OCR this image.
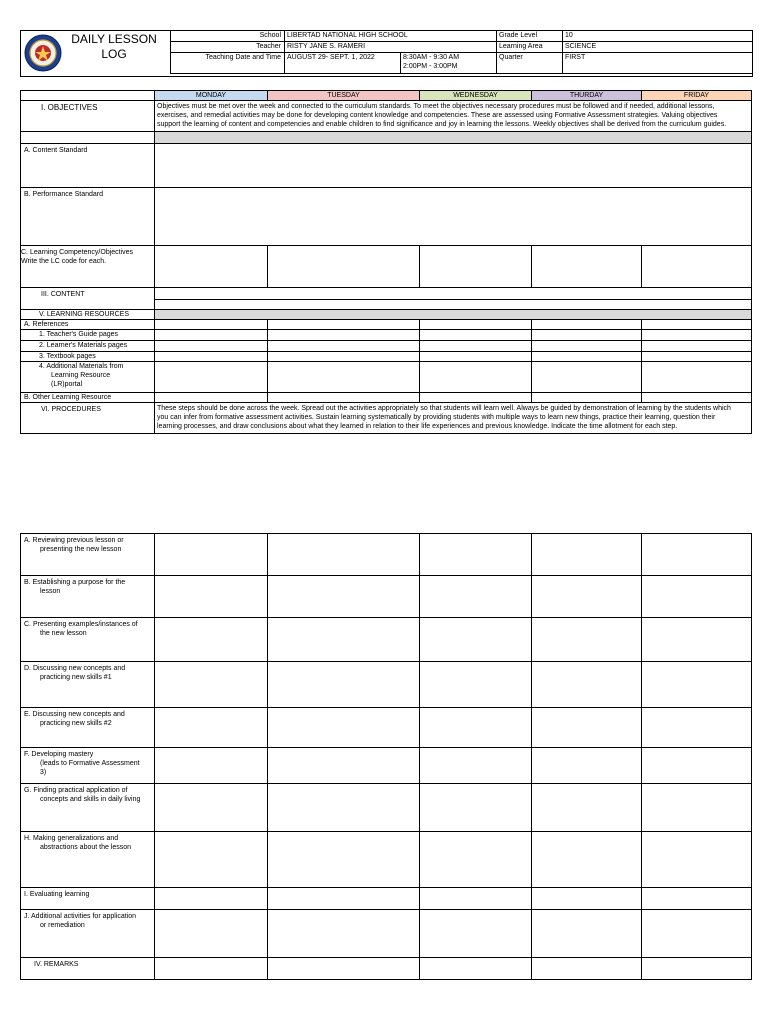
DAILY LESSON
LOG
School	LIBERTAD NATIONAL HIGH SCHOOL		Grade Level	10
Teacher	RISTY JANE S. RAMERI		Learning Area	SCIENCE
Teaching Date and Time	AUGUST 29- SEPT. 1, 2022	8:30AM - 9:30 AM
2:00PM - 3:00PM	Quarter	FIRST
	MONDAY	TUESDAY	WEDNESDAY	THURDAY	FRIDAY
I. OBJECTIVES	Objectives must be met over the week and connected to the curriculum standards. To meet the objectives necessary procedures must be followed and if needed, additional lessons,
exercises, and remedial activities may be done for developing content knowledge and competencies. These are assessed using Formative Assessment strategies. Valuing objectives
support the learning of content and competencies and enable children to find significance and joy in learning the lessons. Weekly objectives shall be derived from the curriculum guides.				

A. Content Standard					
B. Performance Standard					

C. Learning Competency/Objectives
Write the LC code for each.					

III. CONTENT					

V. LEARNING RESOURCES					
A. References					
1. Teacher's Guide pages					
2. Learner's Materials pages					
3. Textbook pages					

4. Additional Materials from
Learning Resource
(LR)portal					

B. Other Learning Resource					
VI. PROCEDURES	These steps should be done across the week. Spread out the activities appropriately so that students will learn well. Always be guided by demonstration of learning by the students which
you can infer from formative assessment activities. Sustain learning systematically by providing students with multiple ways to learn new things, practice their learning, question their
learning processes, and draw conclusions about what they learned in relation to their life experiences and previous knowledge. Indicate the time allotment for each step.				
A. Reviewing previous lesson or
presenting the new lesson					

B. Establishing a purpose for the
lesson					

C. Presenting examples/instances of
the new lesson					

D. Discussing new concepts and
practicing new skills #1					

E. Discussing new concepts and
practicing new skills #2					

F. Developing mastery
(leads to Formative Assessment
3)					

G. Finding practical application of
concepts and skills in daily living					

H. Making generalizations and
abstractions about the lesson					

I. Evaluating learning					

J. Additional activities for application
or remediation					

IV. REMARKS					
